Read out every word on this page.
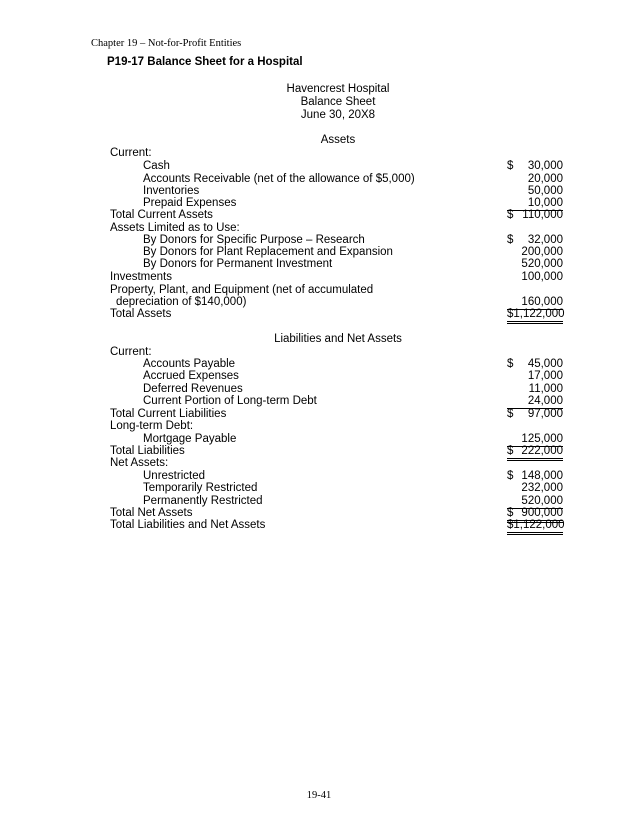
Chapter 19 – Not-for-Profit Entities
P19-17 Balance Sheet for a Hospital
Havencrest Hospital
Balance Sheet
June 30, 20X8
Assets
Current:
Cash	$ 30,000
Accounts Receivable (net of the allowance of $5,000)	20,000
Inventories	50,000
Prepaid Expenses	10,000
Total Current Assets	$ 110,000
Assets Limited as to Use:
By Donors for Specific Purpose – Research	$ 32,000
By Donors for Plant Replacement and Expansion	200,000
By Donors for Permanent Investment	520,000
Investments	100,000
Property, Plant, and Equipment (net of accumulated
depreciation of $140,000)	160,000
Total Assets	$1,122,000
Liabilities and Net Assets
Current:
Accounts Payable	$ 45,000
Accrued Expenses	17,000
Deferred Revenues	11,000
Current Portion of Long-term Debt	24,000
Total Current Liabilities	$ 97,000
Long-term Debt:
Mortgage Payable	125,000
Total Liabilities	$ 222,000
Net Assets:
Unrestricted	$ 148,000
Temporarily Restricted	232,000
Permanently Restricted	520,000
Total Net Assets	$ 900,000
Total Liabilities and Net Assets	$1,122,000
19-41
